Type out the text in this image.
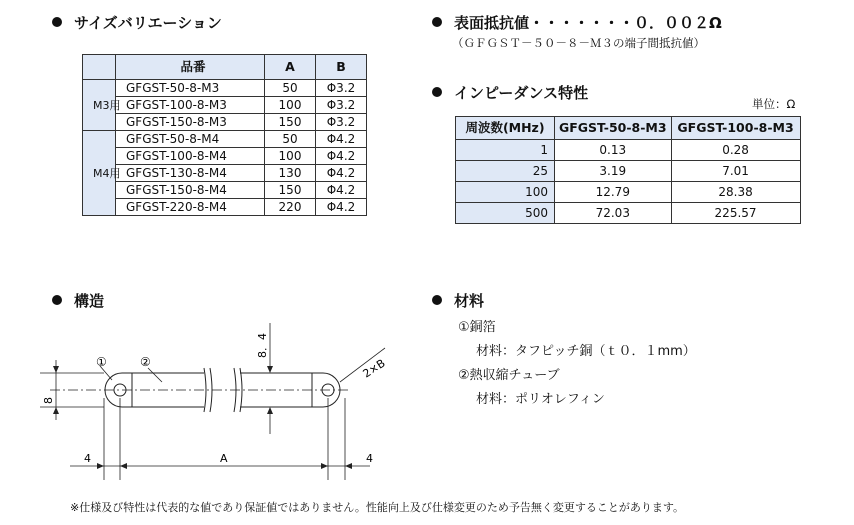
サイズバリエーション
	品番	A	B
M3用	GFGST-50-8-M3	50	Φ3.2
	GFGST-100-8-M3	100	Φ3.2
	GFGST-150-8-M3	150	Φ3.2
M4用	GFGST-50-8-M4	50	Φ4.2
	GFGST-100-8-M4	100	Φ4.2
	GFGST-130-8-M4	130	Φ4.2
	GFGST-150-8-M4	150	Φ4.2
	GFGST-220-8-M4	220	Φ4.2
表面抵抗値・・・・・・・０．００２Ω
（ＧＦＧＳＴ－５０－８－Ｍ３の端子間抵抗値）
インピーダンス特性
単位：Ω
周波数(MHz)	GFGST-50-8-M3	GFGST-100-8-M3
1	0.13	0.28
25	3.19	7.01
100	12.79	28.38
500	72.03	225.57
構造
①	②
8．4
8
2×B
4	A	4
材料
①銅箔
材料：タフピッチ銅（ｔ０．１mm）
②熱収縮チューブ
材料：ポリオレフィン
※仕様及び特性は代表的な値であり保証値ではありません。性能向上及び仕様変更のため予告無く変更することがあります。
